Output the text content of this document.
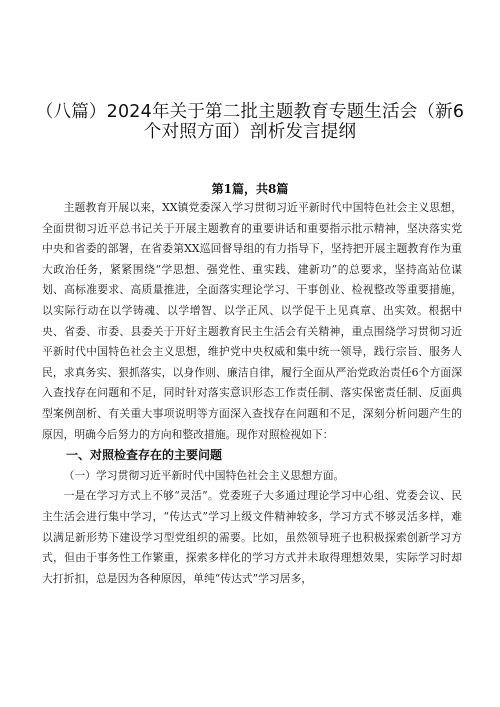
（八篇）2024年关于第二批主题教育专题生活会（新6
个对照方面）剖析发言提纲
第1篇，共8篇

主题教育开展以来，XX镇党委深入学习贯彻习近平新时代中国特色社会主义思想，全面贯彻习近平总书记关于开展主题教育的重要讲话和重要指示批示精神，坚决落实党中央和省委的部署，在省委第XX巡回督导组的有力指导下，坚持把开展主题教育作为重大政治任务，紧紧围绕“学思想、强党性、重实践、建新功”的总要求，坚持高站位谋划、高标准要求、高质量推进，全面落实理论学习、干事创业、检视整改等重要措施，以实际行动在以学铸魂、以学增智、以学正风、以学促干上见真章、出实效。根据中央、省委、市委、县委关于开好主题教育民主生活会有关精神，重点围绕学习贯彻习近平新时代中国特色社会主义思想，维护党中央权威和集中统一领导，践行宗旨、服务人民，求真务实、狠抓落实，以身作则、廉洁自律，履行全面从严治党政治责任6个方面深入查找存在问题和不足，同时针对落实意识形态工作责任制、落实保密责任制、反面典型案例剖析、有关重大事项说明等方面深入查找存在问题和不足，深刻分析问题产生的原因，明确今后努力的方向和整改措施。现作对照检视如下：

一、对照检查存在的主要问题

（一）学习贯彻习近平新时代中国特色社会主义思想方面。

一是在学习方式上不够“灵活”。党委班子大多通过理论学习中心组、党委会议、民主生活会进行集中学习，“传达式”学习上级文件精神较多，学习方式不够灵活多样，难以满足新形势下建设学习型党组织的需要。比如，虽然领导班子也积极探索创新学习方式，但由于事务性工作繁重，探索多样化的学习方式并未取得理想效果，实际学习时却大打折扣，总是因为各种原因，单纯“传达式”学习居多，
